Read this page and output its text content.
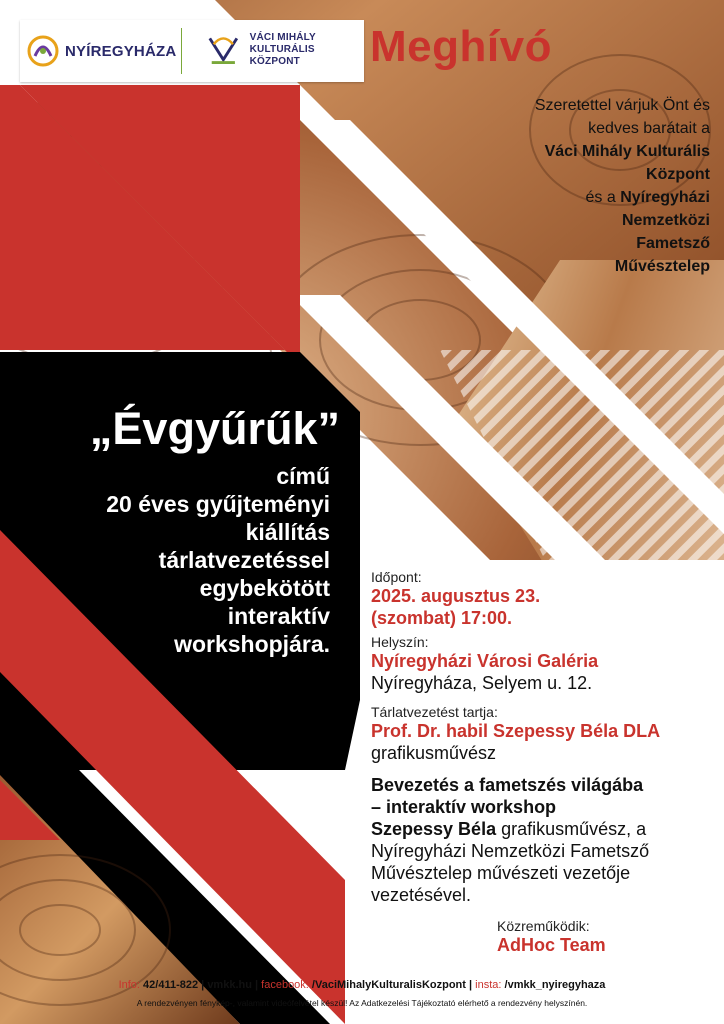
NYÍREGYHÁZA
VÁCI MIHÁLY
KULTURÁLIS KÖZPONT	Meghívó
Szeretettel várjuk Önt és
kedves barátait a
Váci Mihály Kulturális
Központ
és a Nyíregyházi
Nemzetközi
Fametsző
Művésztelep
„Évgyűrűk”
című
20 éves gyűjteményi
kiállítás
tárlatvezetéssel
egybekötött
interaktív
workshopjára.
Időpont:
2025. augusztus 23.
(szombat) 17:00.
Helyszín:
Nyíregyházi Városi Galéria
Nyíregyháza, Selyem u. 12.
Tárlatvezetést tartja:
Prof. Dr. habil Szepessy Béla DLA
grafikusművész
Bevezetés a fametszés világába
– interaktív workshop
Szepessy Béla grafikusművész, a
Nyíregyházi Nemzetközi Fametsző
Művésztelep művészeti vezetője
vezetésével.
Közreműködik:
AdHoc Team
Info: 42/411-822 | vmkk.hu | facebook: /VaciMihalyKulturalisKozpont | insta: /vmkk_nyiregyhaza
A rendezvényen fénykép-, valamint videófelvétel készül! Az Adatkezelési Tájékoztató elérhető a rendezvény helyszínén.
